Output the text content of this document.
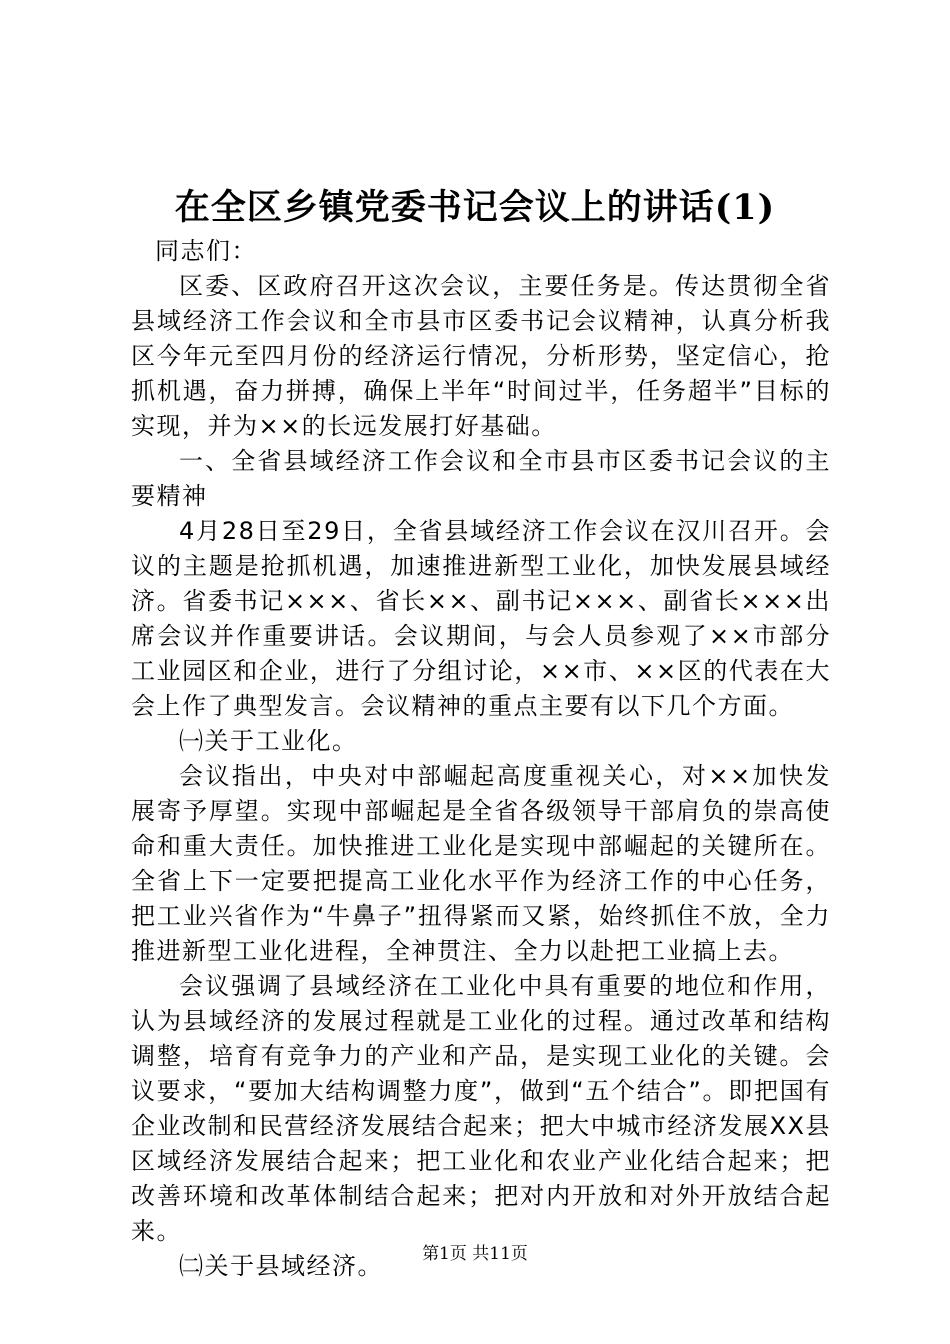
在全区乡镇党委书记会议上的讲话(1)

同志们：

区委、区政府召开这次会议，主要任务是。传达贯彻全省县域经济工作会议和全市县市区委书记会议精神，认真分析我区今年元至四月份的经济运行情况，分析形势，坚定信心，抢抓机遇，奋力拼搏，确保上半年“时间过半，任务超半”目标的实现，并为××的长远发展打好基础。

一、全省县域经济工作会议和全市县市区委书记会议的主要精神

4月28日至29日，全省县域经济工作会议在汉川召开。会议的主题是抢抓机遇，加速推进新型工业化，加快发展县域经济。省委书记×××、省长××、副书记×××、副省长×××出席会议并作重要讲话。会议期间，与会人员参观了××市部分工业园区和企业，进行了分组讨论，××市、××区的代表在大会上作了典型发言。会议精神的重点主要有以下几个方面。

㈠关于工业化。

会议指出，中央对中部崛起高度重视关心，对××加快发展寄予厚望。实现中部崛起是全省各级领导干部肩负的崇高使命和重大责任。加快推进工业化是实现中部崛起的关键所在。全省上下一定要把提高工业化水平作为经济工作的中心任务，把工业兴省作为“牛鼻子”扭得紧而又紧，始终抓住不放，全力推进新型工业化进程，全神贯注、全力以赴把工业搞上去。

会议强调了县域经济在工业化中具有重要的地位和作用，认为县域经济的发展过程就是工业化的过程。通过改革和结构调整，培育有竞争力的产业和产品，是实现工业化的关键。会议要求，“要加大结构调整力度”，做到“五个结合”。即把国有企业改制和民营经济发展结合起来；把大中城市经济发展XX县区域经济发展结合起来；把工业化和农业产业化结合起来；把改善环境和改革体制结合起来；把对内开放和对外开放结合起来。

㈡关于县域经济。	第1页 共11页
